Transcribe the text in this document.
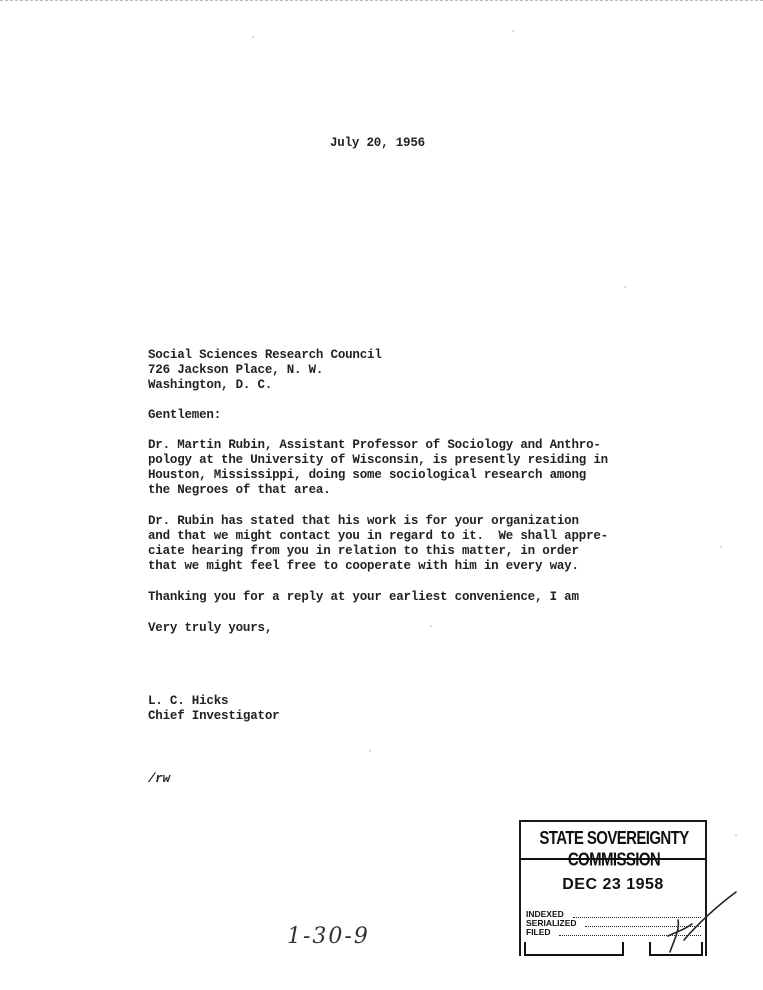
July 20, 1956
Social Sciences Research Council
726 Jackson Place, N. W.
Washington, D. C.
Gentlemen:
Dr. Martin Rubin, Assistant Professor of Sociology and Anthro-
pology at the University of Wisconsin, is presently residing in
Houston, Mississippi, doing some sociological research among
the Negroes of that area.
Dr. Rubin has stated that his work is for your organization
and that we might contact you in regard to it.  We shall appre-
ciate hearing from you in relation to this matter, in order
that we might feel free to cooperate with him in every way.
Thanking you for a reply at your earliest convenience, I am
Very truly yours,
L. C. Hicks
Chief Investigator
/rw
STATE SOVEREIGNTY COMMISSION
DEC 23 1958
INDEXED
SERIALIZED
FILED
1-30-9
